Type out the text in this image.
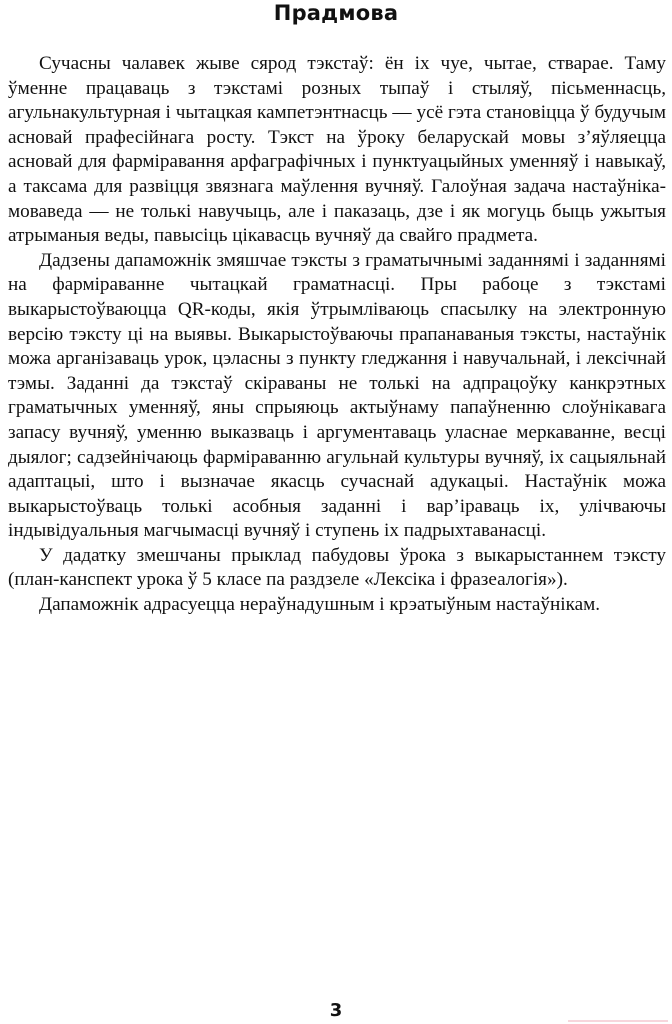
Прадмова

Сучасны чалавек жыве сярод тэкстаў: ён іх чуе, чытае, стварае. Таму ўменне працаваць з тэкстамі розных тыпаў і стыляў, пісьменнасць, агульнакультурная і чытацкая кампетэнтнасць — усё гэта становіцца ў будучым асновай прафесійнага росту. Тэкст на ўроку беларускай мовы з’яўляецца асновай для фарміравання арфаграфічных і пунктуацыйных уменняў і навыкаў, а таксама для развіцця звязнага маўлення вучняў. Галоўная задача настаўніка-моваведа — не толькі навучыць, але і паказаць, дзе і як могуць быць ужытыя атрыманыя веды, павысіць цікавасць вучняў да свайго прадмета.

Дадзены дапаможнік змяшчае тэксты з граматычнымі заданнямі і заданнямі на фарміраванне чытацкай граматнасці. Пры рабоце з тэкстамі выкарыстоўваюцца QR-коды, якія ўтрымліваюць спасылку на электронную версію тэксту ці на выявы. Выкарыстоўваючы прапанаваныя тэксты, настаўнік можа арганізаваць урок, цэласны з пункту гледжання і навучальнай, і лексічнай тэмы. Заданні да тэкстаў скіраваны не толькі на адпрацоўку канкрэтных граматычных уменняў, яны спрыяюць актыўнаму папаўненню слоўнікавага запасу вучняў, уменню выказваць і аргументаваць уласнае меркаванне, весці дыялог; садзейнічаюць фарміраванню агульнай культуры вучняў, іх сацыяльнай адаптацыі, што і вызначае якасць сучаснай адукацыі. Настаўнік можа выкарыстоўваць толькі асобныя заданні і вар’іраваць іх, улічваючы індывідуальныя магчымасці вучняў і ступень іх падрыхтаванасці.

У дадатку змешчаны прыклад пабудовы ўрока з выкарыстаннем тэксту (план-канспект урока ў 5 класе па раздзеле «Лексіка і фразеалогія»).

Дапаможнік адрасуецца нераўнадушным і крэатыўным настаўнікам.

3
